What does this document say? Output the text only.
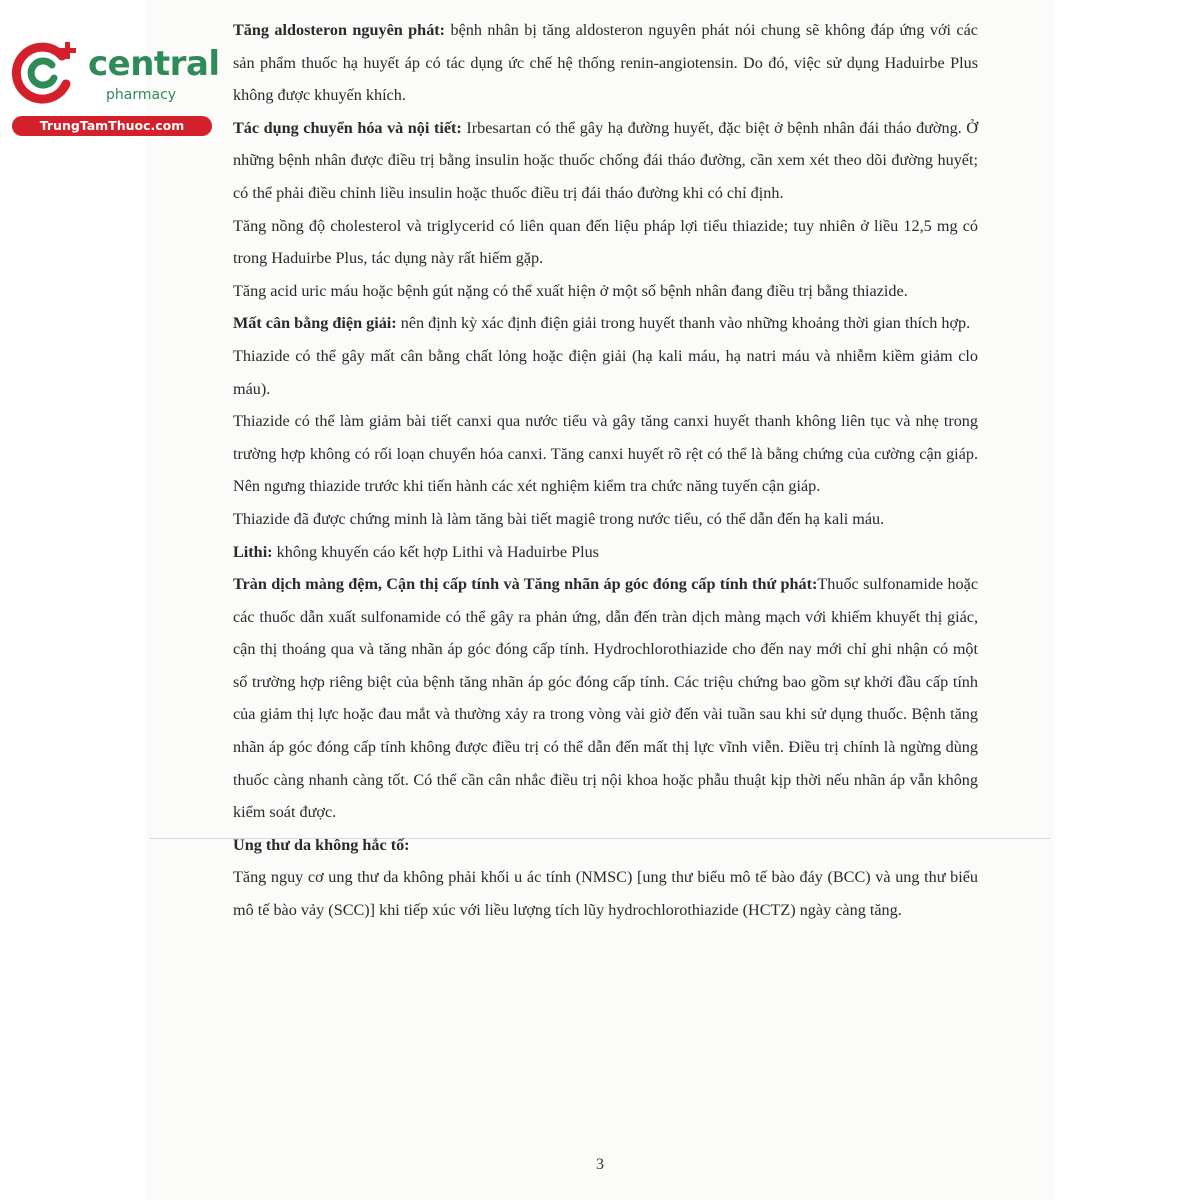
central
pharmacy
TrungTamThuoc.com

Tăng aldosteron nguyên phát: bệnh nhân bị tăng aldosteron nguyên phát nói chung sẽ không đáp ứng với các sản phẩm thuốc hạ huyết áp có tác dụng ức chế hệ thống renin-angiotensin. Do đó, việc sử dụng Haduirbe Plus không được khuyến khích.

Tác dụng chuyển hóa và nội tiết: Irbesartan có thể gây hạ đường huyết, đặc biệt ở bệnh nhân đái tháo đường. Ở những bệnh nhân được điều trị bằng insulin hoặc thuốc chống đái tháo đường, cần xem xét theo dõi đường huyết; có thể phải điều chỉnh liều insulin hoặc thuốc điều trị đái tháo đường khi có chỉ định.

Tăng nồng độ cholesterol và triglycerid có liên quan đến liệu pháp lợi tiểu thiazide; tuy nhiên ở liều 12,5 mg có trong Haduirbe Plus, tác dụng này rất hiếm gặp.

Tăng acid uric máu hoặc bệnh gút nặng có thể xuất hiện ở một số bệnh nhân đang điều trị bằng thiazide.

Mất cân bằng điện giải: nên định kỳ xác định điện giải trong huyết thanh vào những khoảng thời gian thích hợp.

Thiazide có thể gây mất cân bằng chất lỏng hoặc điện giải (hạ kali máu, hạ natri máu và nhiễm kiềm giảm clo máu).

Thiazide có thể làm giảm bài tiết canxi qua nước tiểu và gây tăng canxi huyết thanh không liên tục và nhẹ trong trường hợp không có rối loạn chuyển hóa canxi. Tăng canxi huyết rõ rệt có thể là bằng chứng của cường cận giáp. Nên ngưng thiazide trước khi tiến hành các xét nghiệm kiểm tra chức năng tuyến cận giáp.

Thiazide đã được chứng minh là làm tăng bài tiết magiê trong nước tiểu, có thể dẫn đến hạ kali máu.

Lithi: không khuyến cáo kết hợp Lithi và Haduirbe Plus

Tràn dịch màng đệm, Cận thị cấp tính và Tăng nhãn áp góc đóng cấp tính thứ phát:Thuốc sulfonamide hoặc các thuốc dẫn xuất sulfonamide có thể gây ra phản ứng, dẫn đến tràn dịch màng mạch với khiếm khuyết thị giác, cận thị thoáng qua và tăng nhãn áp góc đóng cấp tính. Hydrochlorothiazide cho đến nay mới chỉ ghi nhận có một số trường hợp riêng biệt của bệnh tăng nhãn áp góc đóng cấp tính. Các triệu chứng bao gồm sự khởi đầu cấp tính của giảm thị lực hoặc đau mắt và thường xảy ra trong vòng vài giờ đến vài tuần sau khi sử dụng thuốc. Bệnh tăng nhãn áp góc đóng cấp tính không được điều trị có thể dẫn đến mất thị lực vĩnh viễn. Điều trị chính là ngừng dùng thuốc càng nhanh càng tốt. Có thể cần cân nhắc điều trị nội khoa hoặc phẫu thuật kịp thời nếu nhãn áp vẫn không kiểm soát được.

Ung thư da không hắc tố:

Tăng nguy cơ ung thư da không phải khối u ác tính (NMSC) [ung thư biểu mô tế bào đáy (BCC) và ung thư biểu mô tế bào vảy (SCC)] khi tiếp xúc với liều lượng tích lũy hydrochlorothiazide (HCTZ) ngày càng tăng.

3
